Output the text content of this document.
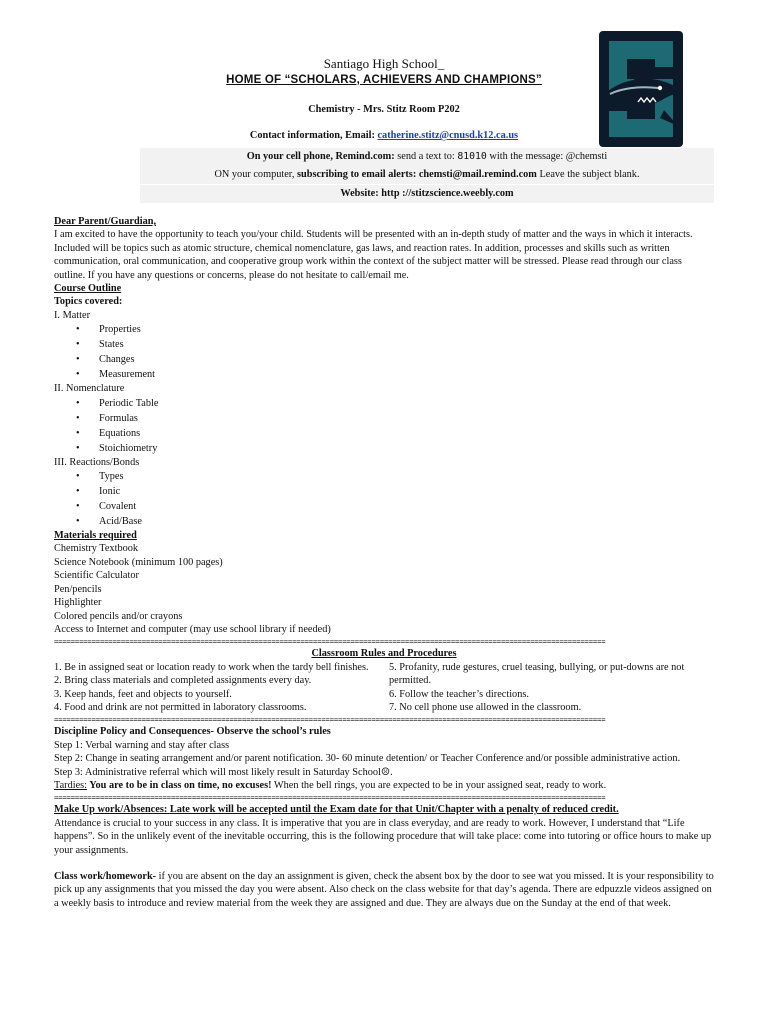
Santiago High School_
HOME OF “SCHOLARS, ACHIEVERS AND CHAMPIONS”
Chemistry - Mrs. Stitz Room P202
Contact information, Email: catherine.stitz@cnusd.k12.ca.us
On your cell phone, Remind.com: send a text to: 81010 with the message: @chemsti
ON your computer, subscribing to email alerts: chemsti@mail.remind.com Leave the subject blank.
Website: http ://stitzscience.weebly.com
Dear Parent/Guardian,

I am excited to have the opportunity to teach you/your child. Students will be presented with an in-depth study of matter and the ways in which it interacts. Included will be topics such as atomic structure, chemical nomenclature, gas laws, and reaction rates. In addition, processes and skills such as written communication, oral communication, and cooperative group work within the context of the subject matter will be stressed. Please read through our class outline. If you have any questions or concerns, please do not hesitate to call/email me.

Course Outline
Topics covered:
I. Matter
• Properties
• States
• Changes
• Measurement
II. Nomenclature
• Periodic Table
• Formulas
• Equations
• Stoichiometry
III. Reactions/Bonds
• Types
• Ionic
• Covalent
• Acid/Base
Materials required
Chemistry Textbook
Science Notebook (minimum 100 pages)
Scientific Calculator
Pen/pencils
Highlighter
Colored pencils and/or crayons
Access to Internet and computer (may use school library if needed)
====================================================================================================================================
Classroom Rules and Procedures
1. Be in assigned seat or location ready to work when the tardy bell finishes.
2. Bring class materials and completed assignments every day.
3. Keep hands, feet and objects to yourself.
4. Food and drink are not permitted in laboratory classrooms.
5. Profanity, rude gestures, cruel teasing, bullying, or put-downs are not permitted.
6. Follow the teacher’s directions.
7. No cell phone use allowed in the classroom.
====================================================================================================================================
Discipline Policy and Consequences- Observe the school’s rules
Step 1: Verbal warning and stay after class
Step 2: Change in seating arrangement and/or parent notification. 30- 60 minute detention/ or Teacher Conference and/or possible administrative action.
Step 3: Administrative referral which will most likely result in Saturday School☹.
Tardies: You are to be in class on time, no excuses! When the bell rings, you are expected to be in your assigned seat, ready to work.
====================================================================================================================================
Make Up work/Absences: Late work will be accepted until the Exam date for that Unit/Chapter with a penalty of reduced credit.

Attendance is crucial to your success in any class. It is imperative that you are in class everyday, and are ready to work. However, I understand that “Life happens”. So in the unlikely event of the inevitable occurring, this is the following procedure that will take place: come into tutoring or office hours to make up your assignments.

Class work/homework- if you are absent on the day an assignment is given, check the absent box by the door to see wat you missed. It is your responsibility to pick up any assignments that you missed the day you were absent. Also check on the class website for that day’s agenda. There are edpuzzle videos assigned on a weekly basis to introduce and review material from the week they are assigned and due. They are always due on the Sunday at the end of that week.
